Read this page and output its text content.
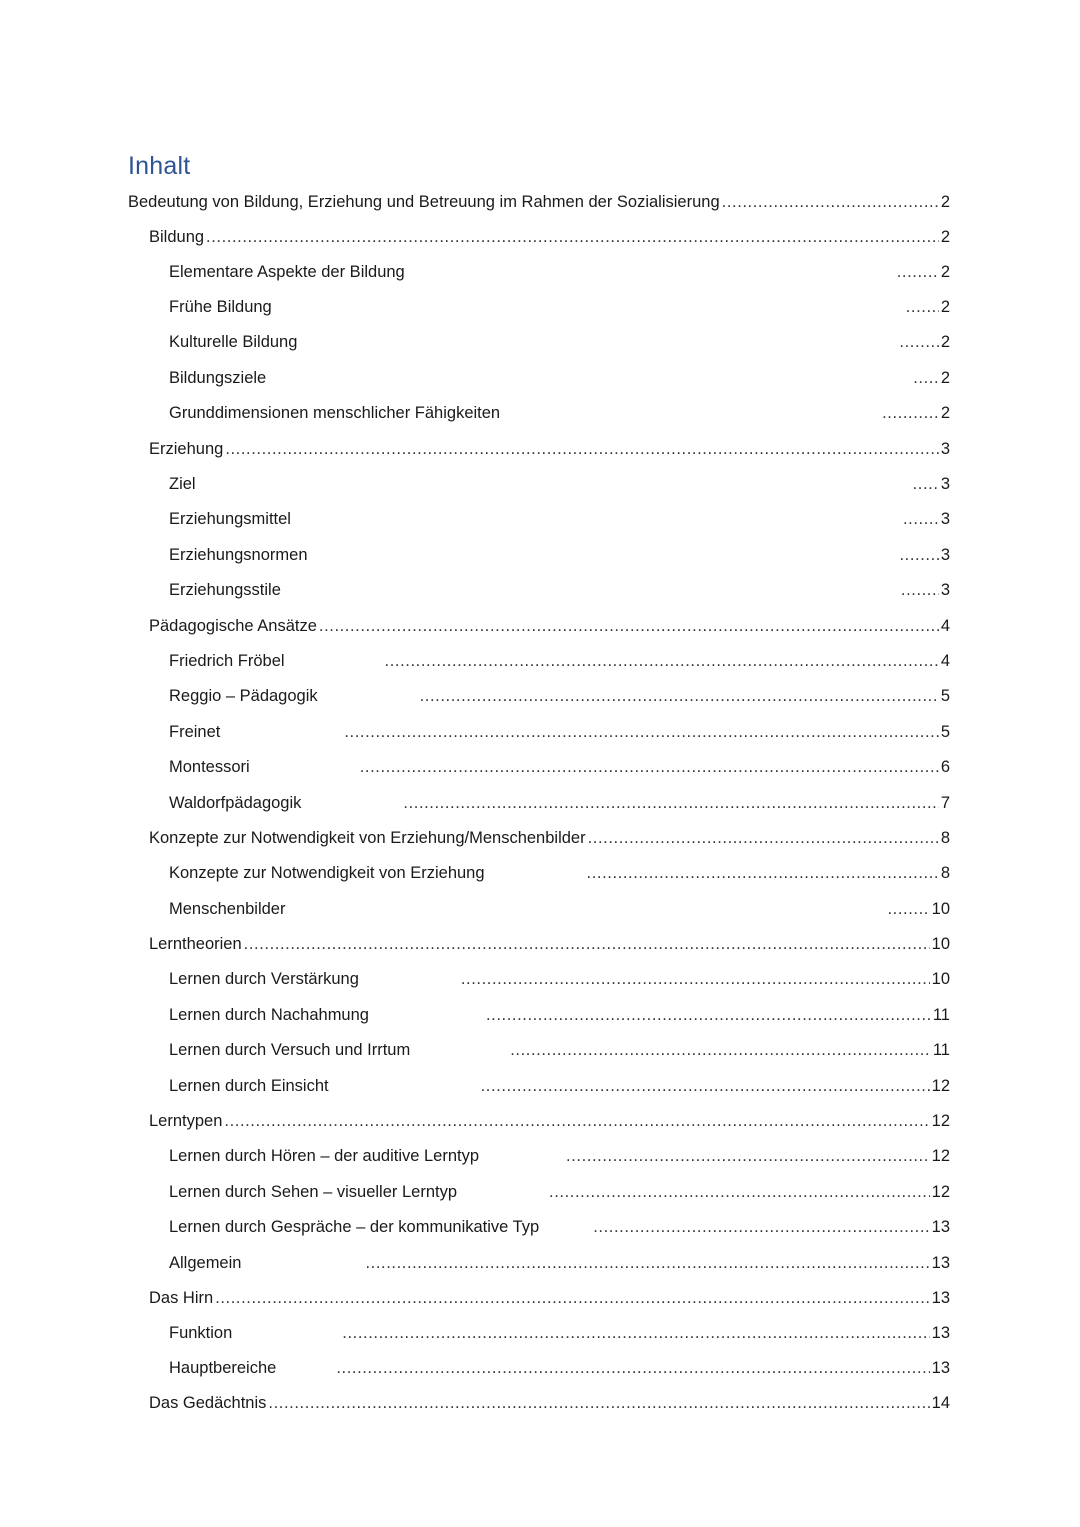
Inhalt
Bedeutung von Bildung, Erziehung und Betreuung im Rahmen der Sozialisierung .....	2
Bildung .....	2
Elementare Aspekte der Bildung .....	2
Frühe Bildung .....	2
Kulturelle Bildung .....	2
Bildungsziele .....	2
Grunddimensionen menschlicher Fähigkeiten .....	2
Erziehung .....	3
Ziel .....	3
Erziehungsmittel .....	3
Erziehungsnormen .....	3
Erziehungsstile .....	3
Pädagogische Ansätze .....	4
Friedrich Fröbel .....	4
Reggio – Pädagogik .....	5
Freinet .....	5
Montessori .....	6
Waldorfpädagogik .....	7
Konzepte zur Notwendigkeit von Erziehung/Menschenbilder .....	8
Konzepte zur Notwendigkeit von Erziehung .....	8
Menschenbilder .....	10
Lerntheorien .....	10
Lernen durch Verstärkung .....	10
Lernen durch Nachahmung .....	11
Lernen durch Versuch und Irrtum .....	11
Lernen durch Einsicht .....	12
Lerntypen .....	12
Lernen durch Hören – der auditive Lerntyp .....	12
Lernen durch Sehen – visueller Lerntyp .....	12
Lernen durch Gespräche – der kommunikative Typ .....	13
Allgemein .....	13
Das Hirn .....	13
Funktion .....	13
Hauptbereiche .....	13
Das Gedächtnis .....	14
